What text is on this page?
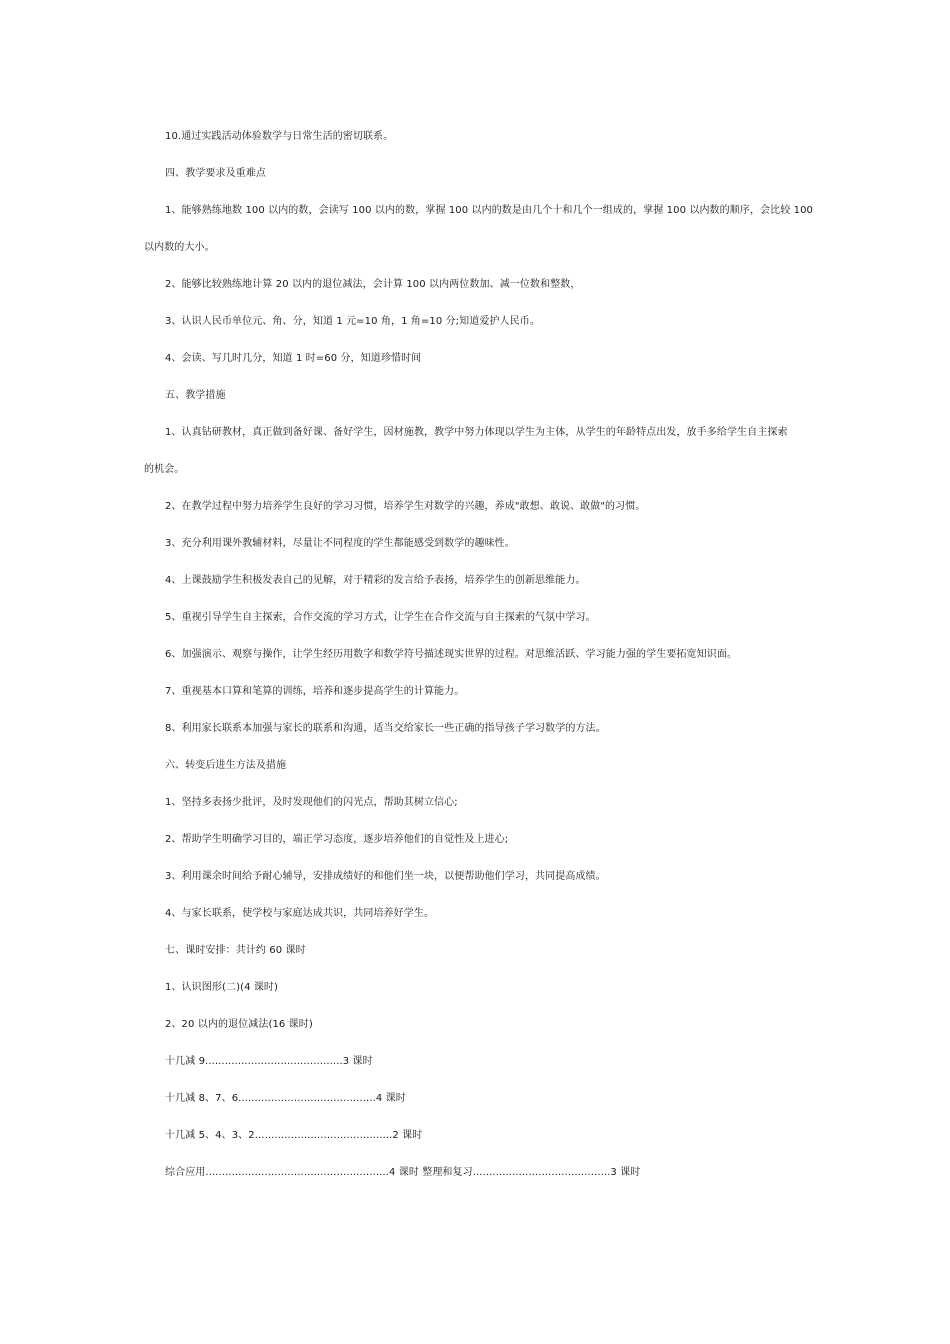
10.通过实践活动体验数学与日常生活的密切联系。
四、教学要求及重难点
1、能够熟练地数 100 以内的数，会读写 100 以内的数，掌握 100 以内的数是由几个十和几个一组成的，掌握 100 以内数的顺序，会比较 100
以内数的大小。
2、能够比较熟练地计算 20 以内的退位减法，会计算 100 以内两位数加、减一位数和整数，
3、认识人民币单位元、角、分，知道 1 元=10 角，1 角=10 分;知道爱护人民币。
4、会读、写几时几分，知道 1 时=60 分，知道珍惜时间
五、教学措施
1、认真钻研教材，真正做到备好课、备好学生，因材施教，教学中努力体现以学生为主体，从学生的年龄特点出发，放手多给学生自主探索
的机会。
2、在教学过程中努力培养学生良好的学习习惯，培养学生对数学的兴趣，养成"敢想、敢说、敢做"的习惯。
3、充分利用课外教辅材料，尽量让不同程度的学生都能感受到数学的趣味性。
4、上课鼓励学生积极发表自己的见解，对于精彩的发言给予表扬，培养学生的创新思维能力。
5、重视引导学生自主探索，合作交流的学习方式，让学生在合作交流与自主探索的气氛中学习。
6、加强演示、观察与操作，让学生经历用数字和数学符号描述现实世界的过程。对思维活跃、学习能力强的学生要拓宽知识面。
7、重视基本口算和笔算的训练，培养和逐步提高学生的计算能力。
8、利用家长联系本加强与家长的联系和沟通，适当交给家长一些正确的指导孩子学习数学的方法。
六、转变后进生方法及措施
1、坚持多表扬少批评，及时发现他们的闪光点，帮助其树立信心;
2、帮助学生明确学习目的，端正学习态度，逐步培养他们的自觉性及上进心;
3、利用课余时间给予耐心辅导，安排成绩好的和他们坐一块，以便帮助他们学习，共同提高成绩。
4、与家长联系，使学校与家庭达成共识，共同培养好学生。
七、课时安排：共计约 60 课时
1、认识图形(二)(4 课时)
2、20 以内的退位减法(16 课时)
十几减 9..........................................3 课时
十几减 8、7、6..........................................4 课时
十几减 5、4、3、2..........................................2 课时
综合应用........................................................4 课时 整理和复习..........................................3 课时
